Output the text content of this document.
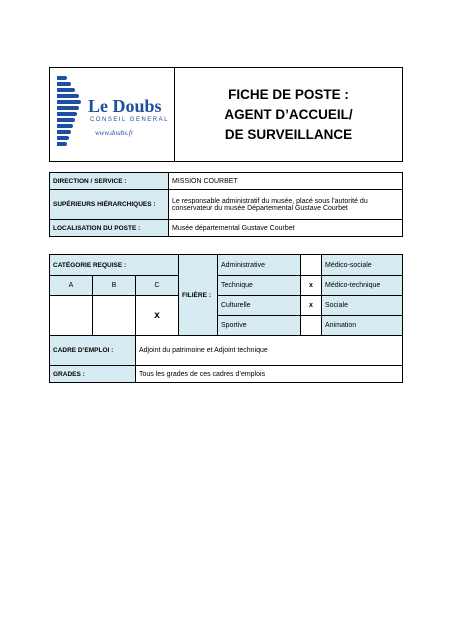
Le Doubs
CONSEIL GENERAL
www.doubs.fr
FICHE DE POSTE :
AGENT D’ACCUEIL/
DE SURVEILLANCE
DIRECTION / SERVICE :	MISSION COURBET
SUPÉRIEURS HIÉRARCHIQUES :	Le responsable administratif du musée, placé sous l’autorité du conservateur du musée Départemental Gustave Courbet
LOCALISATION DU POSTE :	Musée départemental Gustave Courbet
CATÉGORIE REQUISE :			FILIÈRE :	Administrative		Médico-sociale
A	B	C		Technique	x	Médico-technique
		x		Culturelle	x	Sociale
				Sportive		Animation
CADRE D’EMPLOI :		Adjoint du patrimoine et Adjoint technique				
GRADES :		Tous les grades de ces cadres d’emplois				
